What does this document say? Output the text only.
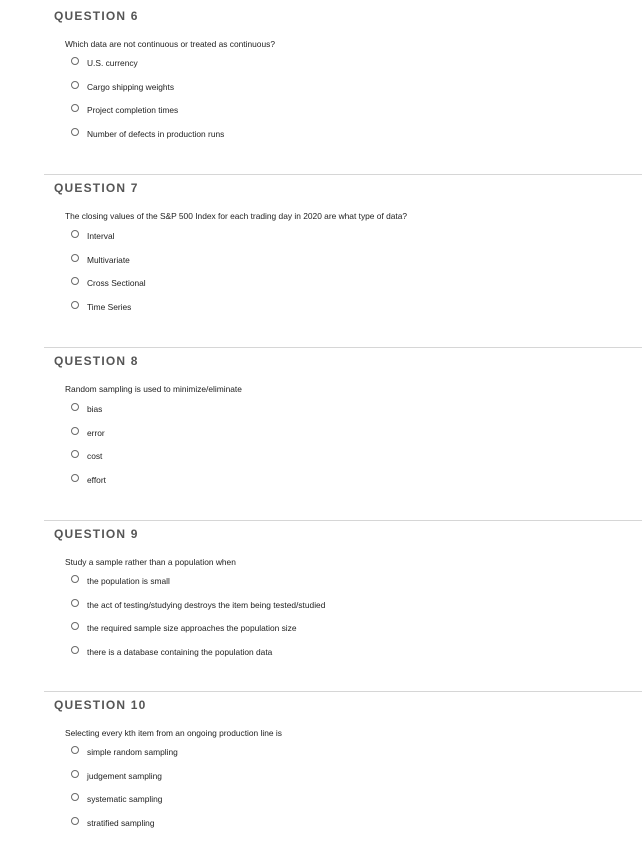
QUESTION 6
Which data are not continuous or treated as continuous?
U.S. currency
Cargo shipping weights
Project completion times
Number of defects in production runs
QUESTION 7
The closing values of the S&P 500 Index for each trading day in 2020 are what type of data?
Interval
Multivariate
Cross Sectional
Time Series
QUESTION 8
Random sampling is used to minimize/eliminate
bias
error
cost
effort
QUESTION 9
Study a sample rather than a population when
the population is small
the act of testing/studying destroys the item being tested/studied
the required sample size approaches the population size
there is a database containing the population data
QUESTION 10
Selecting every kth item from an ongoing production line is
simple random sampling
judgement sampling
systematic sampling
stratified sampling
